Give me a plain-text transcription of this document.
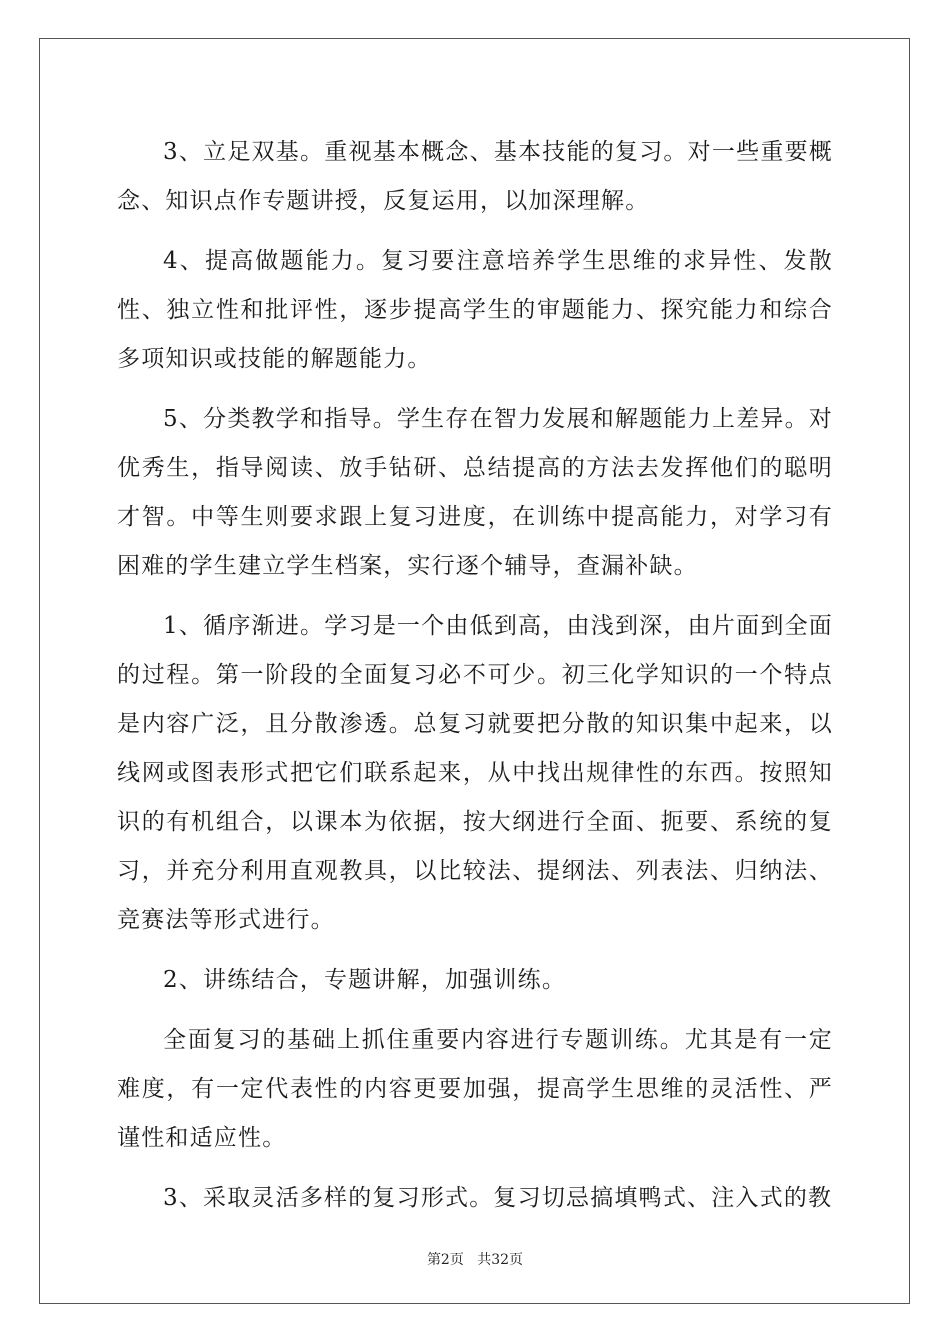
3、立足双基。重视基本概念、基本技能的复习。对一些重要概念、知识点作专题讲授，反复运用，以加深理解。

4、提高做题能力。复习要注意培养学生思维的求异性、发散性、独立性和批评性，逐步提高学生的审题能力、探究能力和综合多项知识或技能的解题能力。

5、分类教学和指导。学生存在智力发展和解题能力上差异。对优秀生，指导阅读、放手钻研、总结提高的方法去发挥他们的聪明才智。中等生则要求跟上复习进度，在训练中提高能力，对学习有困难的学生建立学生档案，实行逐个辅导，查漏补缺。

1、循序渐进。学习是一个由低到高，由浅到深，由片面到全面的过程。第一阶段的全面复习必不可少。初三化学知识的一个特点是内容广泛，且分散渗透。总复习就要把分散的知识集中起来，以线网或图表形式把它们联系起来，从中找出规律性的东西。按照知识的有机组合，以课本为依据，按大纲进行全面、扼要、系统的复习，并充分利用直观教具，以比较法、提纲法、列表法、归纳法、竞赛法等形式进行。

2、讲练结合，专题讲解，加强训练。

全面复习的基础上抓住重要内容进行专题训练。尤其是有一定难度，有一定代表性的内容更要加强，提高学生思维的灵活性、严谨性和适应性。

3、采取灵活多样的复习形式。复习切忌搞填鸭式、注入式的教

第2页 共32页
